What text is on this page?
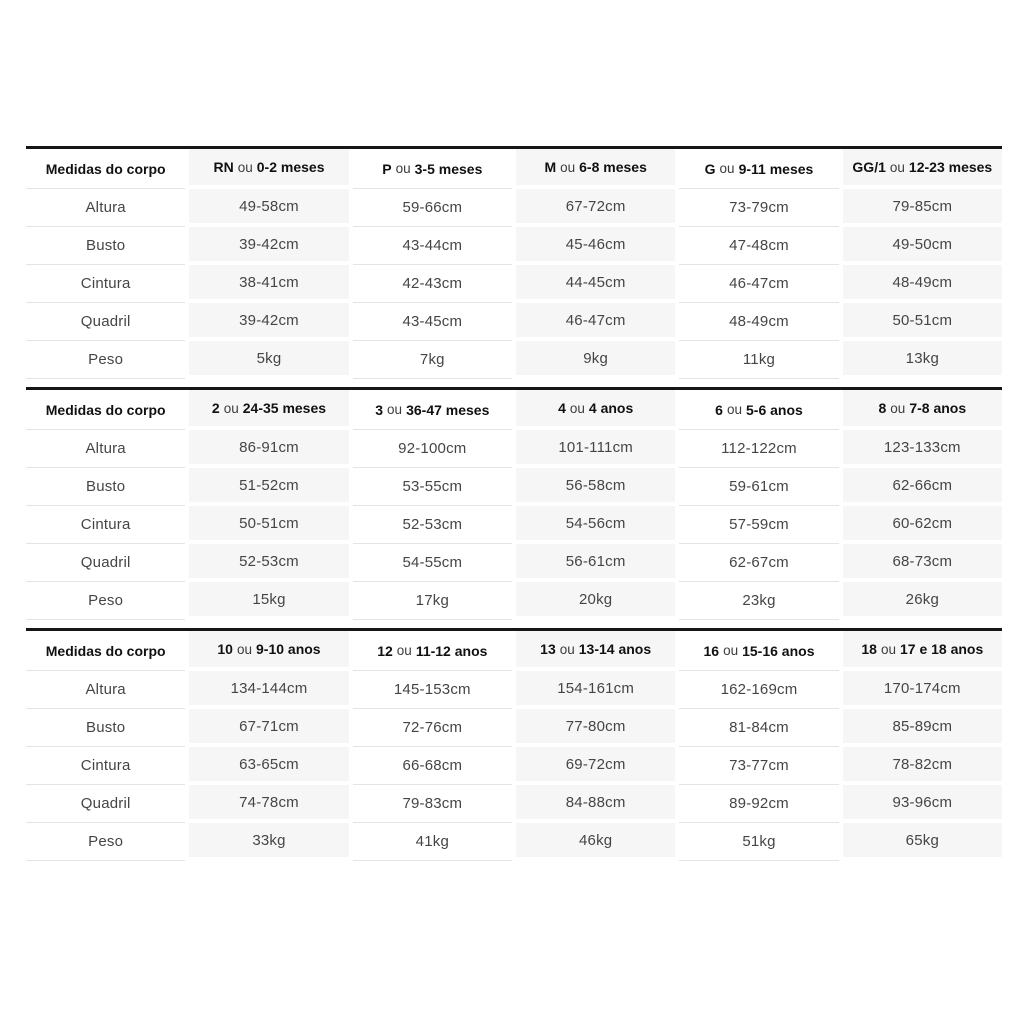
Medidas do corpo
Altura
Busto
Cintura
Quadril
Peso
RN ou 0-2 meses
49-58cm
39-42cm
38-41cm
39-42cm
5kg
P ou 3-5 meses
59-66cm
43-44cm
42-43cm
43-45cm
7kg
M ou 6-8 meses
67-72cm
45-46cm
44-45cm
46-47cm
9kg
G ou 9-11 meses
73-79cm
47-48cm
46-47cm
48-49cm
11kg
GG/1 ou 12-23 meses
79-85cm
49-50cm
48-49cm
50-51cm
13kg
Medidas do corpo
Altura
Busto
Cintura
Quadril
Peso
2 ou 24-35 meses
86-91cm
51-52cm
50-51cm
52-53cm
15kg
3 ou 36-47 meses
92-100cm
53-55cm
52-53cm
54-55cm
17kg
4 ou 4 anos
101-111cm
56-58cm
54-56cm
56-61cm
20kg
6 ou 5-6 anos
112-122cm
59-61cm
57-59cm
62-67cm
23kg
8 ou 7-8 anos
123-133cm
62-66cm
60-62cm
68-73cm
26kg
Medidas do corpo
Altura
Busto
Cintura
Quadril
Peso
10 ou 9-10 anos
134-144cm
67-71cm
63-65cm
74-78cm
33kg
12 ou 11-12 anos
145-153cm
72-76cm
66-68cm
79-83cm
41kg
13 ou 13-14 anos
154-161cm
77-80cm
69-72cm
84-88cm
46kg
16 ou 15-16 anos
162-169cm
81-84cm
73-77cm
89-92cm
51kg
18 ou 17 e 18 anos
170-174cm
85-89cm
78-82cm
93-96cm
65kg
